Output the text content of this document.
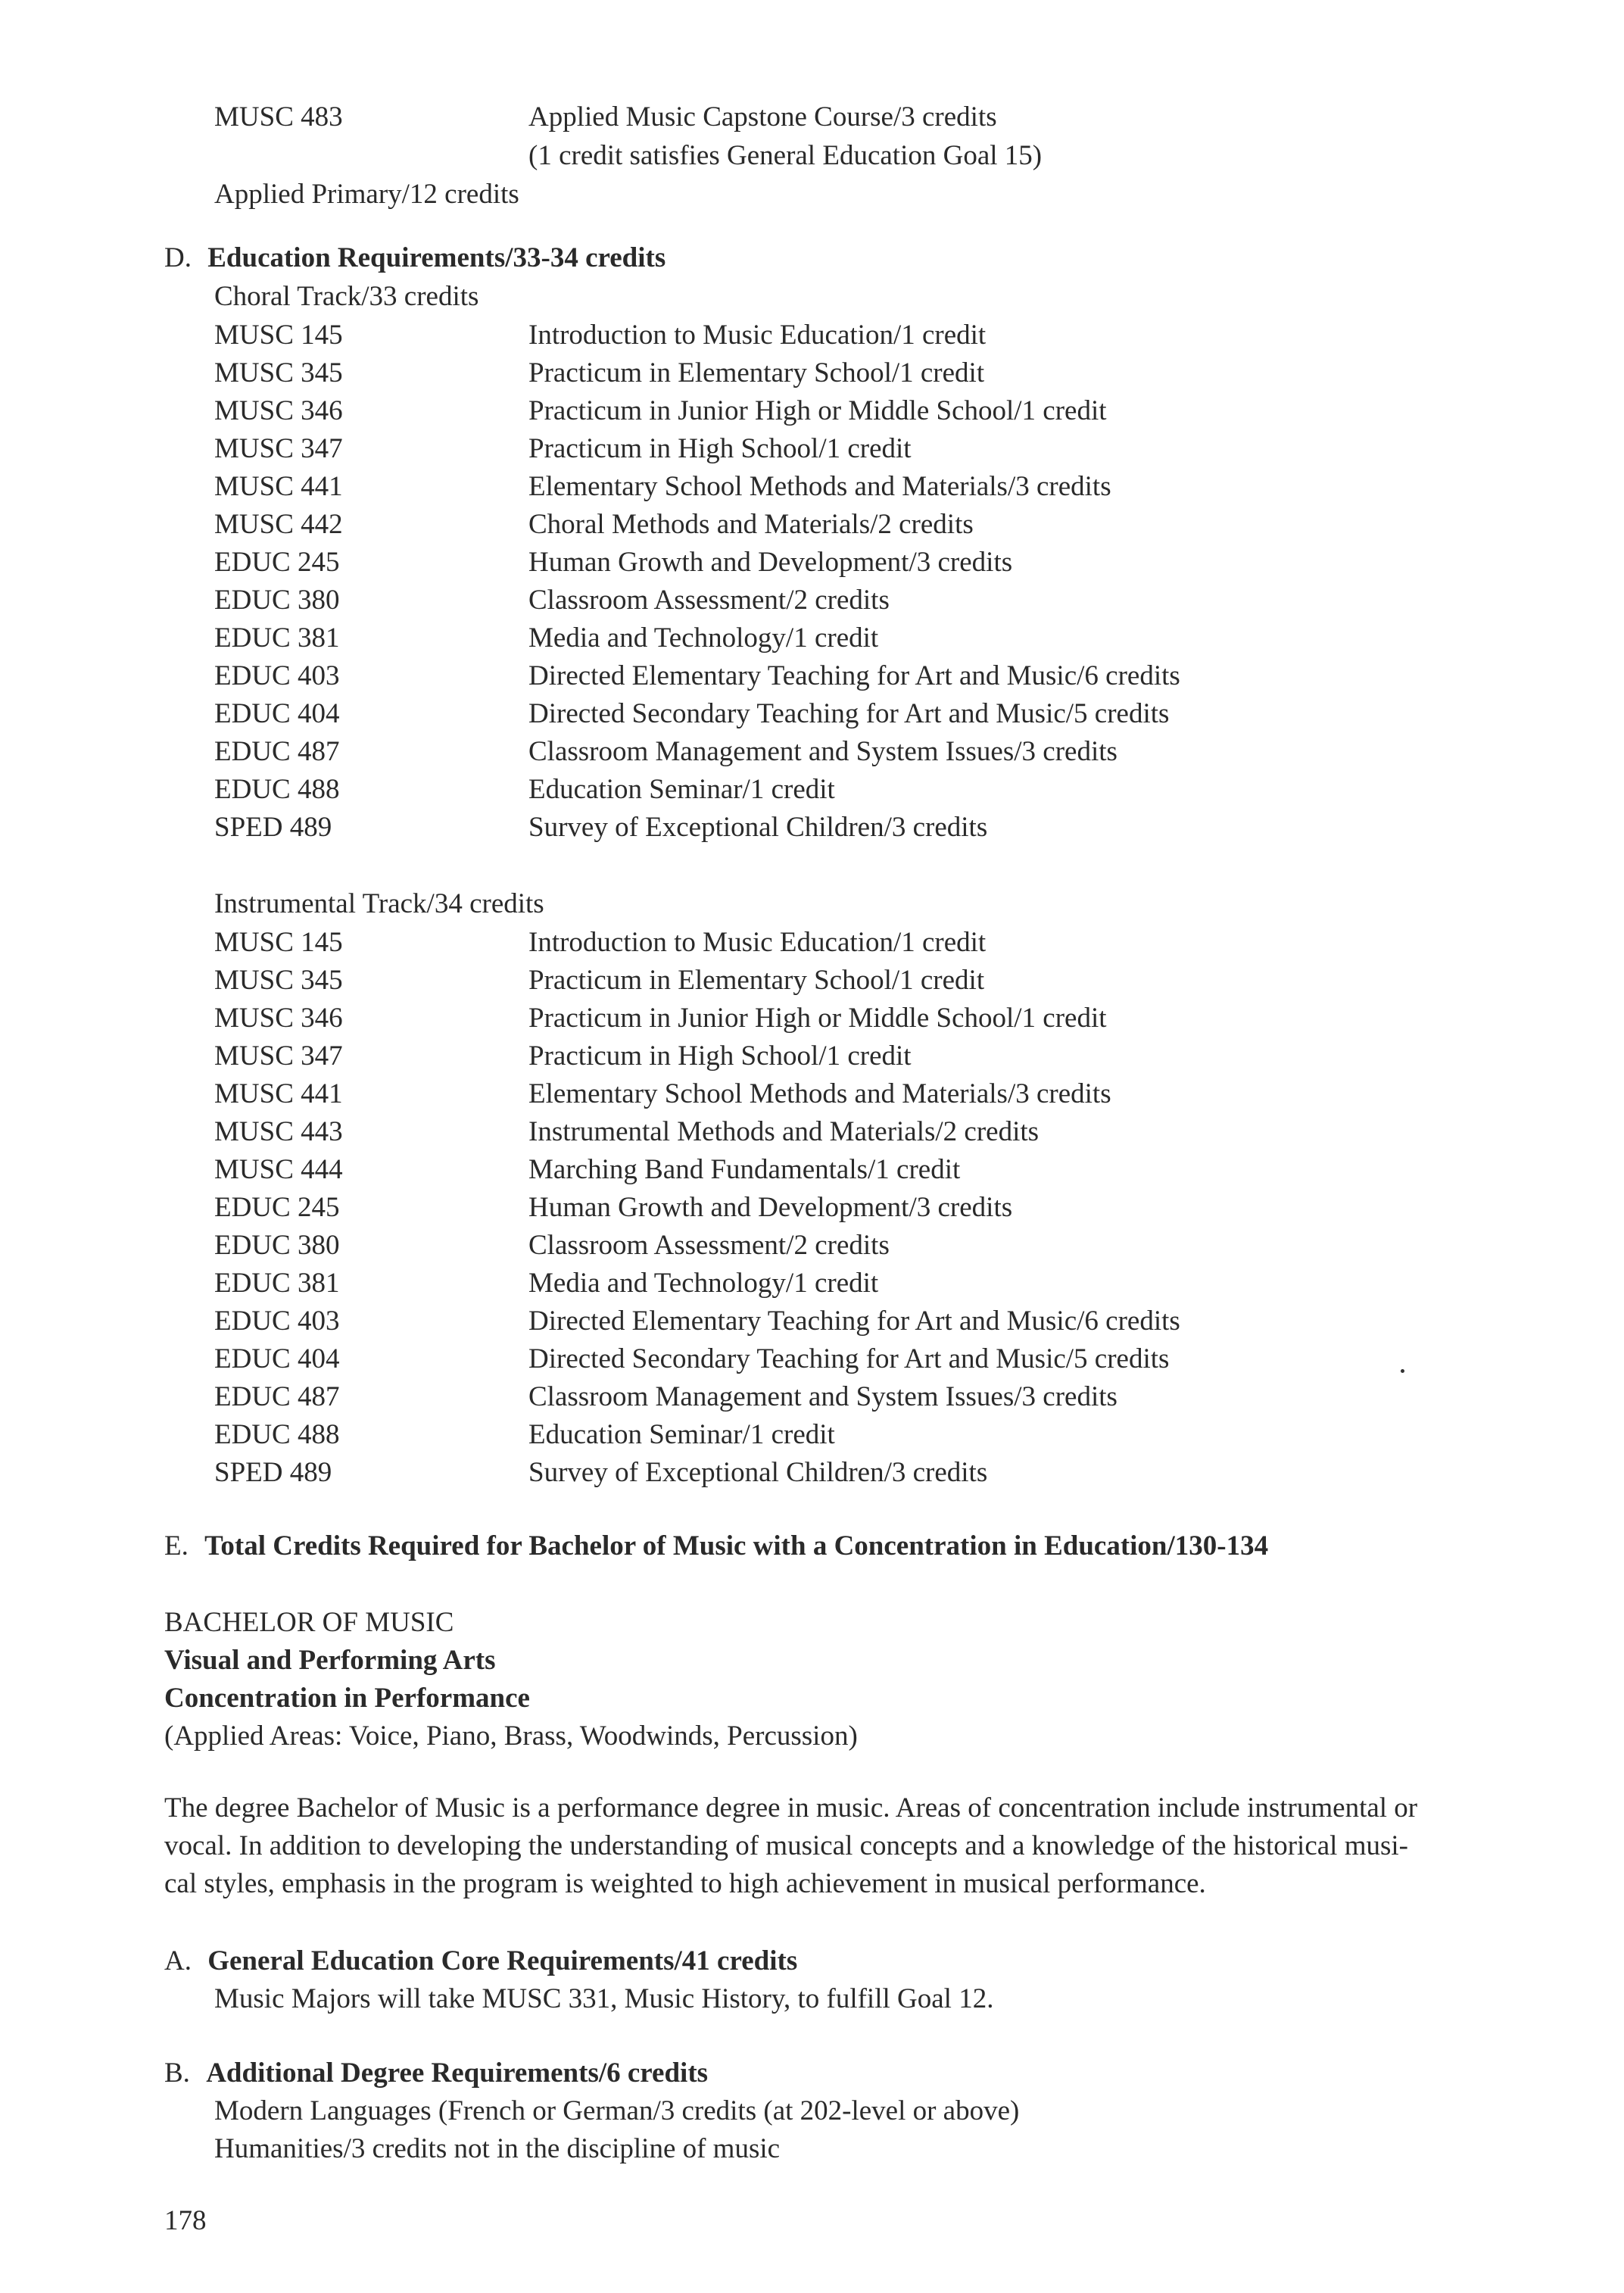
MUSC 483	Applied Music Capstone Course/3 credits
(1 credit satisfies General Education Goal 15)
Applied Primary/12 credits
D. Education Requirements/33-34 credits
Choral Track/33 credits
MUSC 145	Introduction to Music Education/1 credit
MUSC 345	Practicum in Elementary School/1 credit
MUSC 346	Practicum in Junior High or Middle School/1 credit
MUSC 347	Practicum in High School/1 credit
MUSC 441	Elementary School Methods and Materials/3 credits
MUSC 442	Choral Methods and Materials/2 credits
EDUC 245	Human Growth and Development/3 credits
EDUC 380	Classroom Assessment/2 credits
EDUC 381	Media and Technology/1 credit
EDUC 403	Directed Elementary Teaching for Art and Music/6 credits
EDUC 404	Directed Secondary Teaching for Art and Music/5 credits
EDUC 487	Classroom Management and System Issues/3 credits
EDUC 488	Education Seminar/1 credit
SPED 489	Survey of Exceptional Children/3 credits
Instrumental Track/34 credits
MUSC 145	Introduction to Music Education/1 credit
MUSC 345	Practicum in Elementary School/1 credit
MUSC 346	Practicum in Junior High or Middle School/1 credit
MUSC 347	Practicum in High School/1 credit
MUSC 441	Elementary School Methods and Materials/3 credits
MUSC 443	Instrumental Methods and Materials/2 credits
MUSC 444	Marching Band Fundamentals/1 credit
EDUC 245	Human Growth and Development/3 credits
EDUC 380	Classroom Assessment/2 credits
EDUC 381	Media and Technology/1 credit
EDUC 403	Directed Elementary Teaching for Art and Music/6 credits
EDUC 404	Directed Secondary Teaching for Art and Music/5 credits
EDUC 487	Classroom Management and System Issues/3 credits
EDUC 488	Education Seminar/1 credit
SPED 489	Survey of Exceptional Children/3 credits
E. Total Credits Required for Bachelor of Music with a Concentration in Education/130-134
BACHELOR OF MUSIC
Visual and Performing Arts
Concentration in Performance
(Applied Areas: Voice, Piano, Brass, Woodwinds, Percussion)
The degree Bachelor of Music is a performance degree in music. Areas of concentration include instrumental or
vocal. In addition to developing the understanding of musical concepts and a knowledge of the historical musi-
cal styles, emphasis in the program is weighted to high achievement in musical performance.
A. General Education Core Requirements/41 credits
Music Majors will take MUSC 331, Music History, to fulfill Goal 12.
B. Additional Degree Requirements/6 credits
Modern Languages (French or German/3 credits (at 202-level or above)
Humanities/3 credits not in the discipline of music
178
